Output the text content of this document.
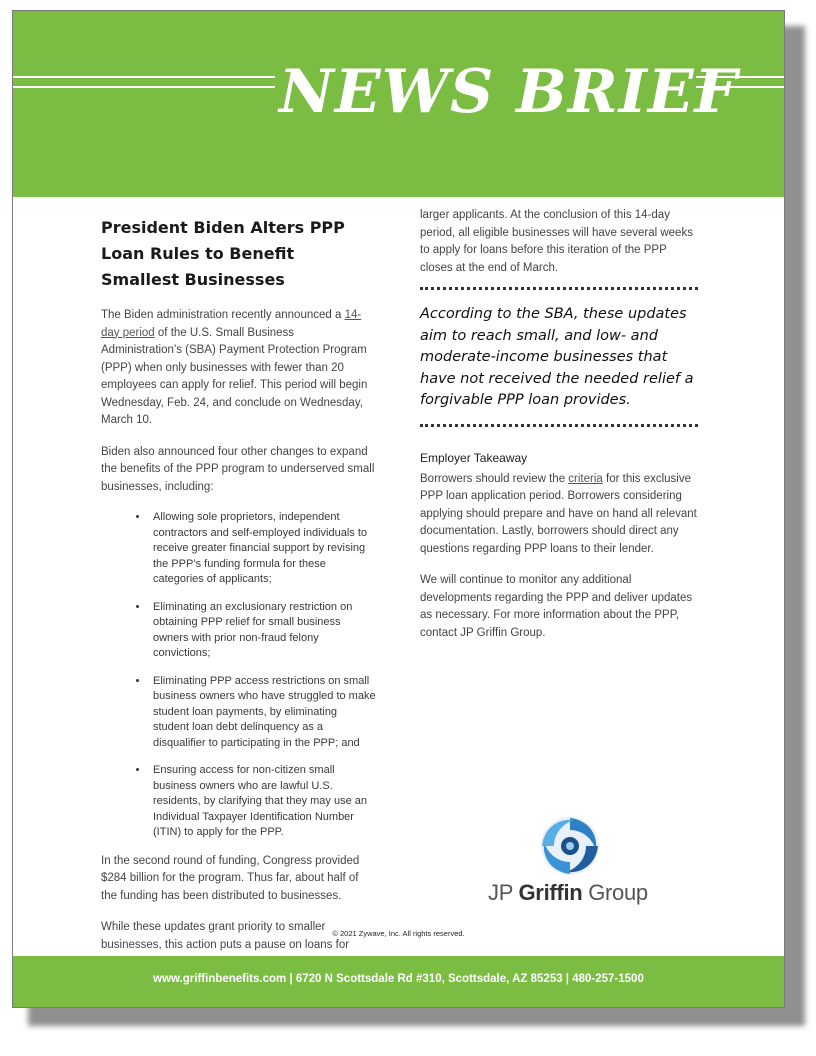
NEWS BRIEF
President Biden Alters PPP Loan Rules to Benefit Smallest Businesses

The Biden administration recently announced a 14-day period of the U.S. Small Business Administration’s (SBA) Payment Protection Program (PPP) when only businesses with fewer than 20 employees can apply for relief. This period will begin Wednesday, Feb. 24, and conclude on Wednesday, March 10.

Biden also announced four other changes to expand the benefits of the PPP program to underserved small businesses, including:

• Allowing sole proprietors, independent contractors and self-employed individuals to receive greater financial support by revising the PPP’s funding formula for these categories of applicants;
• Eliminating an exclusionary restriction on obtaining PPP relief for small business owners with prior non-fraud felony convictions;
• Eliminating PPP access restrictions on small business owners who have struggled to make student loan payments, by eliminating student loan debt delinquency as a disqualifier to participating in the PPP; and
• Ensuring access for non-citizen small business owners who are lawful U.S. residents, by clarifying that they may use an Individual Taxpayer Identification Number (ITIN) to apply for the PPP.

In the second round of funding, Congress provided $284 billion for the program. Thus far, about half of the funding has been distributed to businesses.

While these updates grant priority to smaller businesses, this action puts a pause on loans for

larger applicants. At the conclusion of this 14-day period, all eligible businesses will have several weeks to apply for loans before this iteration of the PPP closes at the end of March.

According to the SBA, these updates aim to reach small, and low- and moderate-income businesses that have not received the needed relief a forgivable PPP loan provides.
Employer Takeaway

Borrowers should review the criteria for this exclusive PPP loan application period. Borrowers considering applying should prepare and have on hand all relevant documentation. Lastly, borrowers should direct any questions regarding PPP loans to their lender.

We will continue to monitor any additional developments regarding the PPP and deliver updates as necessary. For more information about the PPP, contact JP Griffin Group.

JP Griffin Group
© 2021 Zywave, Inc. All rights reserved.
www.griffinbenefits.com | 6720 N Scottsdale Rd #310, Scottsdale, AZ 85253 | 480-257-1500
